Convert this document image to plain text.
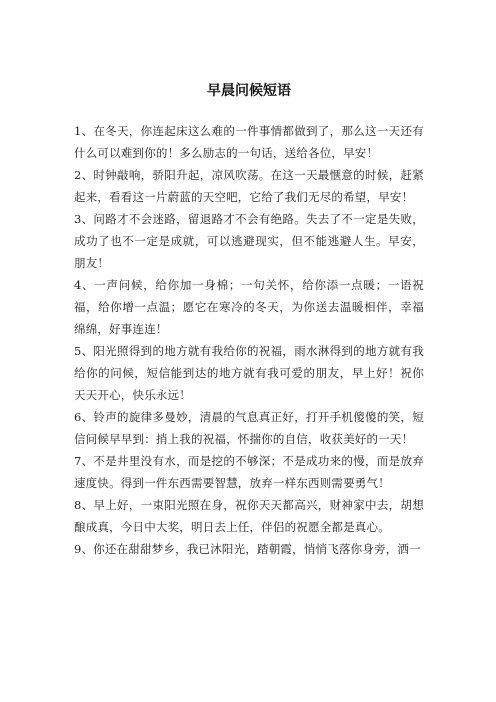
早晨问候短语

1、在冬天，你连起床这么难的一件事情都做到了，那么这一天还有什么可以难到你的！多么励志的一句话，送给各位，早安！

2、时钟敲响，骄阳升起，凉风吹荡。在这一天最惬意的时候，赶紧起来，看看这一片蔚蓝的天空吧，它给了我们无尽的希望，早安！

3、问路才不会迷路，留退路才不会有绝路。失去了不一定是失败，成功了也不一定是成就，可以逃避现实，但不能逃避人生。早安，朋友！

4、一声问候，给你加一身棉；一句关怀，给你添一点暖；一语祝福，给你增一点温；愿它在寒冷的冬天，为你送去温暖相伴，幸福绵绵，好事连连！

5、阳光照得到的地方就有我给你的祝福，雨水淋得到的地方就有我给你的问候，短信能到达的地方就有我可爱的朋友，早上好！祝你天天开心，快乐永远！

6、铃声的旋律多曼妙，清晨的气息真正好，打开手机傻傻的笑，短信问候早早到：捎上我的祝福，怀揣你的自信，收获美好的一天！

7、不是井里没有水，而是挖的不够深；不是成功来的慢，而是放弃速度快。得到一件东西需要智慧，放弃一样东西则需要勇气！

8、早上好，一束阳光照在身，祝你天天都高兴，财神家中去，胡想酿成真，今日中大奖，明日去上任，伴侣的祝愿全都是真心。

9、你还在甜甜梦乡，我已沐阳光，踏朝霞，悄悄飞落你身旁，洒一
